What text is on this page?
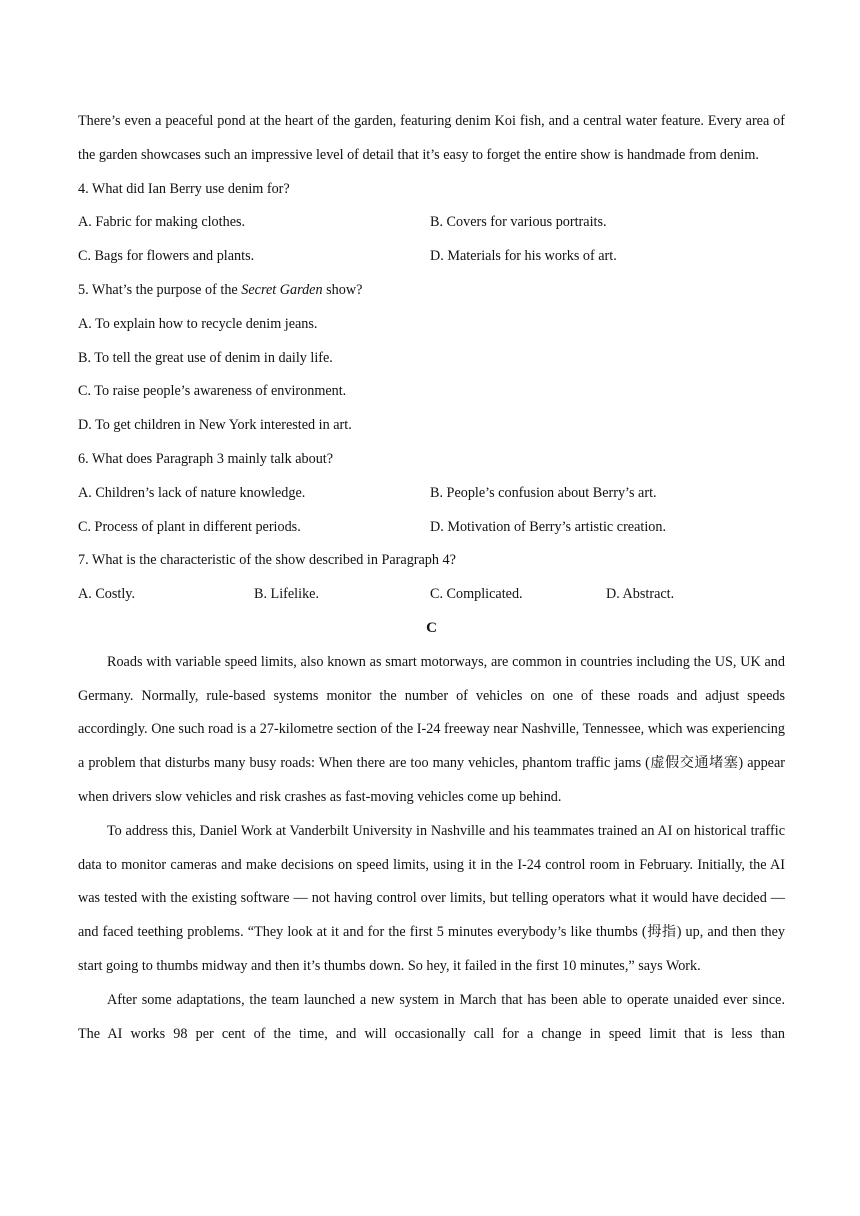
There’s even a peaceful pond at the heart of the garden, featuring denim Koi fish, and a central water feature. Every area of the garden showcases such an impressive level of detail that it’s easy to forget the entire show is handmade from denim.

4. What did Ian Berry use denim for?

A. Fabric for making clothes.	B. Covers for various portraits.
C. Bags for flowers and plants.	D. Materials for his works of art.

5. What’s the purpose of the Secret Garden show?

A. To explain how to recycle denim jeans.

B. To tell the great use of denim in daily life.

C. To raise people’s awareness of environment.

D. To get children in New York interested in art.

6. What does Paragraph 3 mainly talk about?

A. Children’s lack of nature knowledge.	B. People’s confusion about Berry’s art.
C. Process of plant in different periods.	D. Motivation of Berry’s artistic creation.

7. What is the characteristic of the show described in Paragraph 4?

A. Costly.	B. Lifelike.	C. Complicated.	D. Abstract.

C

Roads with variable speed limits, also known as smart motorways, are common in countries including the US, UK and Germany. Normally, rule-based systems monitor the number of vehicles on one of these roads and adjust speeds accordingly. One such road is a 27-kilometre section of the I-24 freeway near Nashville, Tennessee, which was experiencing a problem that disturbs many busy roads: When there are too many vehicles, phantom traffic jams (虚假交通堵塞) appear when drivers slow vehicles and risk crashes as fast-moving vehicles come up behind.

To address this, Daniel Work at Vanderbilt University in Nashville and his teammates trained an AI on historical traffic data to monitor cameras and make decisions on speed limits, using it in the I-24 control room in February. Initially, the AI was tested with the existing software — not having control over limits, but telling operators what it would have decided — and faced teething problems. “They look at it and for the first 5 minutes everybody’s like thumbs (拇指) up, and then they start going to thumbs midway and then it’s thumbs down. So hey, it failed in the first 10 minutes,” says Work.

After some adaptations, the team launched a new system in March that has been able to operate unaided ever since. The AI works 98 per cent of the time, and will occasionally call for a change in speed limit that is less than
